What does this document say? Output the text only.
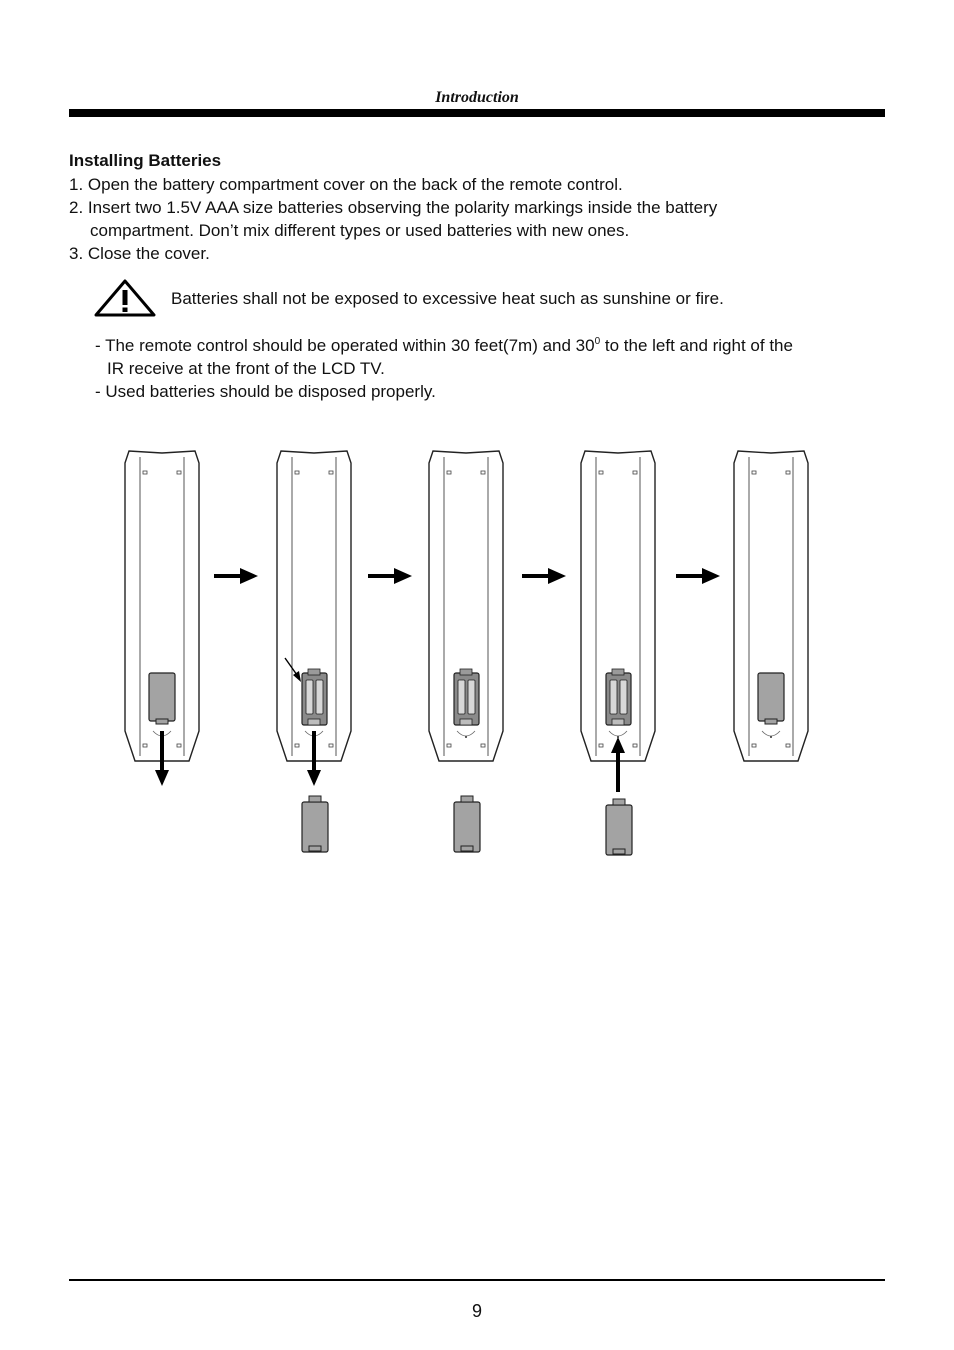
Introduction
Installing Batteries
1. Open the battery compartment cover on the back of the remote control.
2. Insert two 1.5V AAA size batteries observing the polarity markings inside the battery
compartment. Don’t mix different types or used batteries with new ones.
3. Close the cover.
Batteries shall not be exposed to excessive heat such as sunshine or fire.
- The remote control should be operated within 30 feet(7m) and $30^0$ to the left and right of the
IR receive at the front of the LCD TV.
- Used batteries should be disposed properly.
9
